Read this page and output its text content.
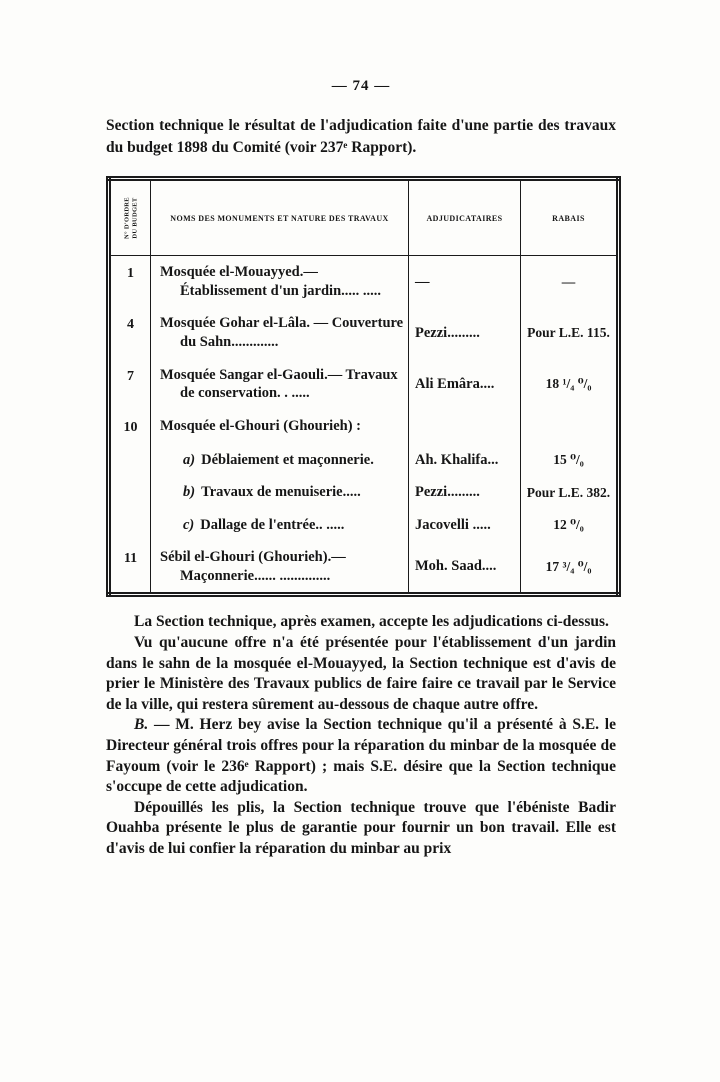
— 74 —

Section technique le résultat de l'adjudication faite d'une partie des travaux du budget 1898 du Comité (voir 237ᵉ Rapport).

N° D'ORDRE DU BUDGET	NOMS DES MONUMENTS ET NATURE DES TRAVAUX	ADJUDICATAIRES	RABAIS
1	Mosquée el-Mouayyed.— Établissement d'un jardin..... .....	—	—
4	Mosquée Gohar el-Lâla. — Couverture du Sahn.............	Pezzi.........	Pour L.E. 115.
7	Mosquée Sangar el-Gaouli.— Travaux de conservation. . .....	Ali Emâra....	18 ¹/₄ ⁰/₀
10	Mosquée el-Ghouri (Ghourieh) :		

	a) Déblaiement et maçonnerie.	Ah. Khalifa...	15 ⁰/₀
	b) Travaux de menuiserie.....	Pezzi.........	Pour L.E. 382.
	c) Dallage de l'entrée.. .....	Jacovelli .....	12 ⁰/₀
11	Sébil el-Ghouri (Ghourieh).— Maçonnerie...... ..............	Moh. Saad....	17 ³/₄ ⁰/₀

La Section technique, après examen, accepte les adjudications ci-dessus.

Vu qu'aucune offre n'a été présentée pour l'établissement d'un jardin dans le sahn de la mosquée el-Mouayyed, la Section technique est d'avis de prier le Ministère des Travaux publics de faire faire ce travail par le Service de la ville, qui restera sûrement au-dessous de chaque autre offre.

B. — M. Herz bey avise la Section technique qu'il a présenté à S.E. le Directeur général trois offres pour la réparation du minbar de la mosquée de Fayoum (voir le 236ᵉ Rapport) ; mais S.E. désire que la Section technique s'occupe de cette adjudication.

Dépouillés les plis, la Section technique trouve que l'ébéniste Badir Ouahba présente le plus de garantie pour fournir un bon travail. Elle est d'avis de lui confier la réparation du minbar au prix
